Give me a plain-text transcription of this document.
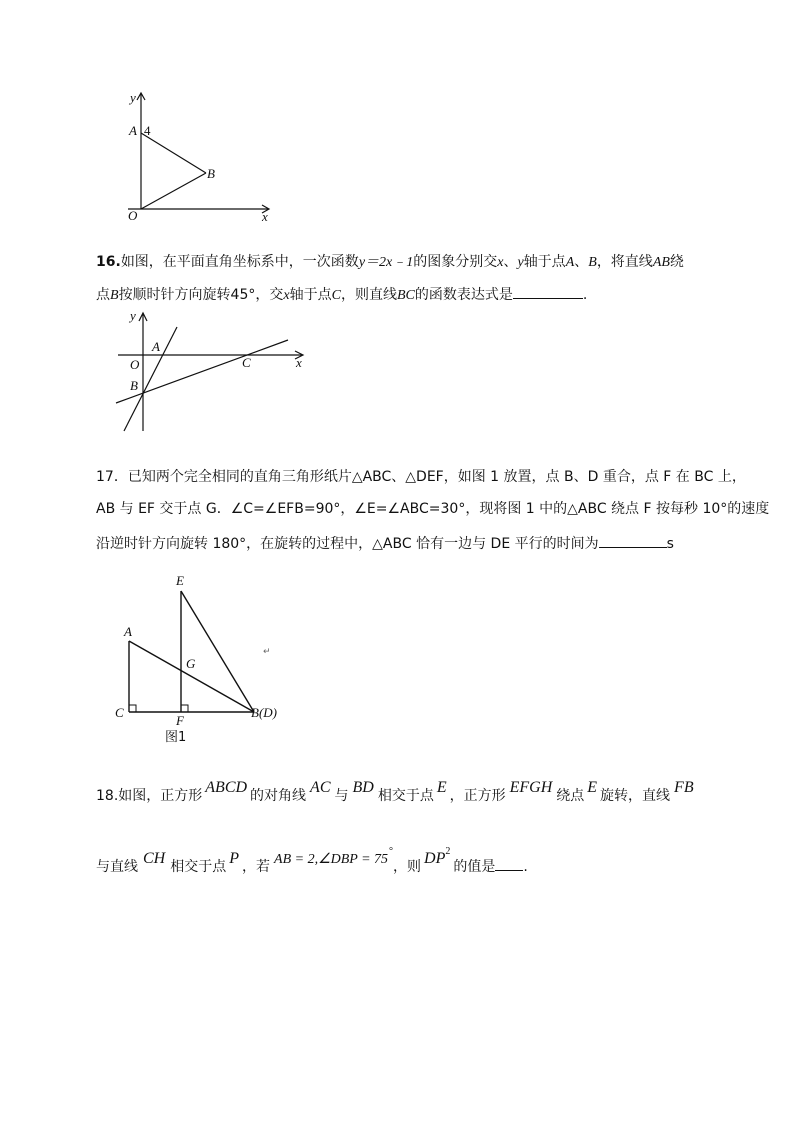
y
A 4
B
O	x
16.如图，在平面直角坐标系中，一次函数y＝2x﹣1的图象分别交x、y轴于点A、B，将直线AB绕
点B按顺时针方向旋转45°，交x轴于点C，则直线BC的函数表达式是	.
y
A
O	C	x
B
17．已知两个完全相同的直角三角形纸片△ABC、△DEF，如图 1 放置，点 B、D 重合，点 F 在 BC 上，
AB 与 EF 交于点 G．∠C=∠EFB=90°，∠E=∠ABC=30°，现将图 1 中的△ABC 绕点 F 按每秒 10°的速度
沿逆时针方向旋转 180°，在旋转的过程中，△ABC 恰有一边与 DE 平行的时间为	s
E
A
G
C
F
B(D)
图1
↵
18.如图，正方形 ABCD 的对角线 AC 与 BD 相交于点 E ，正方形 EFGH 绕点 E 旋转，直线 FB
与直线 CH 相交于点 P ，若 AB = 2,∠DBP = 75°，则 $DP^2$的值是 .
